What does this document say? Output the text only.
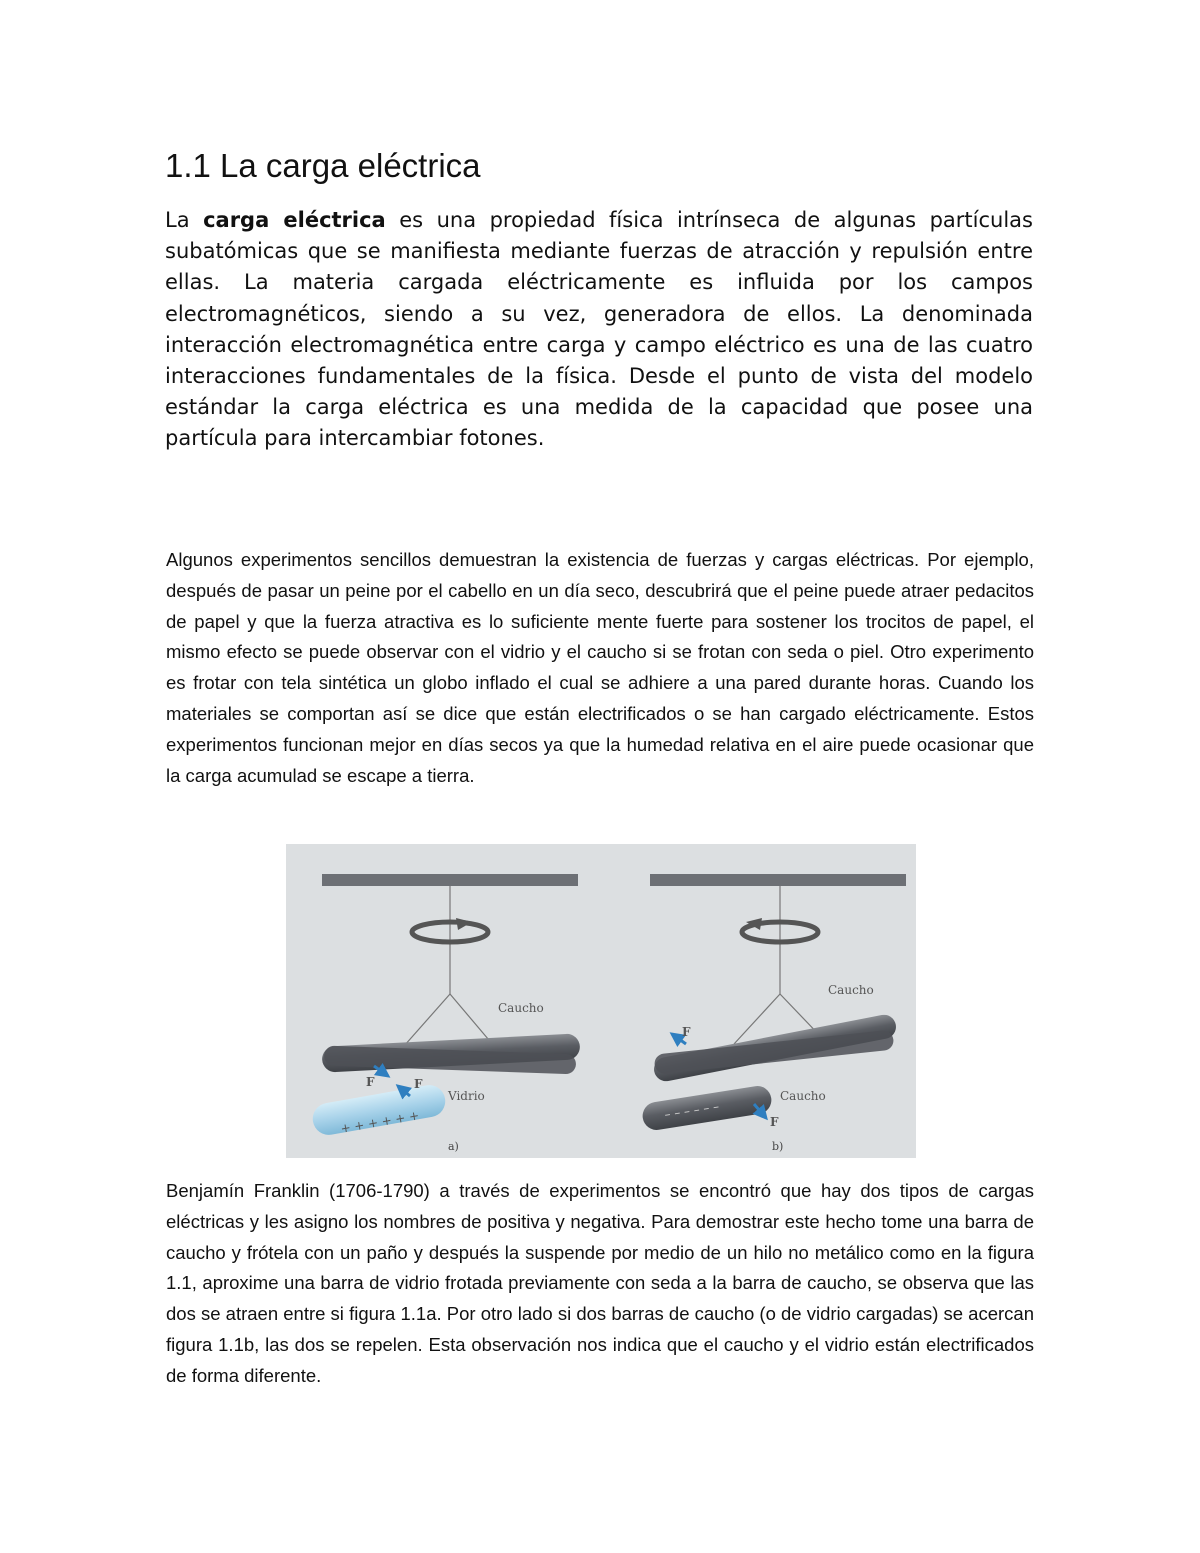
1.1 La carga eléctrica

La carga eléctrica es una propiedad física intrínseca de algunas partículas subatómicas que se manifiesta mediante fuerzas de atracción y repulsión entre ellas. La materia cargada eléctricamente es influida por los campos electromagnéticos, siendo a su vez, generadora de ellos. La denominada interacción electromagnética entre carga y campo eléctrico es una de las cuatro interacciones fundamentales de la física. Desde el punto de vista del modelo estándar la carga eléctrica es una medida de la capacidad que posee una partícula para intercambiar fotones.

Algunos experimentos sencillos demuestran la existencia de fuerzas y cargas eléctricas. Por ejemplo, después de pasar un peine por el cabello en un día seco, descubrirá que el peine puede atraer pedacitos de papel y que la fuerza atractiva es lo suficiente mente fuerte para sostener los trocitos de papel, el mismo efecto se puede observar con el vidrio y el caucho si se frotan con seda o piel. Otro experimento es frotar con tela sintética un globo inflado el cual se adhiere a una pared durante horas. Cuando los materiales se comportan así se dice que están electrificados o se han cargado eléctricamente. Estos experimentos funcionan mejor en días secos ya que la humedad relativa en el aire puede ocasionar que la carga acumulad se escape a tierra.

Caucho
+ + + + + +
Vidrio
F	F
a)
Caucho
– – – – – –
Caucho
F
F
b)

Benjamín Franklin (1706-1790) a través de experimentos se encontró que hay dos tipos de cargas eléctricas y les asigno los nombres de positiva y negativa. Para demostrar este hecho tome una barra de caucho y frótela con un paño y después la suspende por medio de un hilo no metálico como en la figura 1.1, aproxime una barra de vidrio frotada previamente con seda a la barra de caucho, se observa que las dos se atraen entre si figura 1.1a. Por otro lado si dos barras de caucho (o de vidrio cargadas) se acercan figura 1.1b, las dos se repelen. Esta observación nos indica que el caucho y el vidrio están electrificados de forma diferente.
